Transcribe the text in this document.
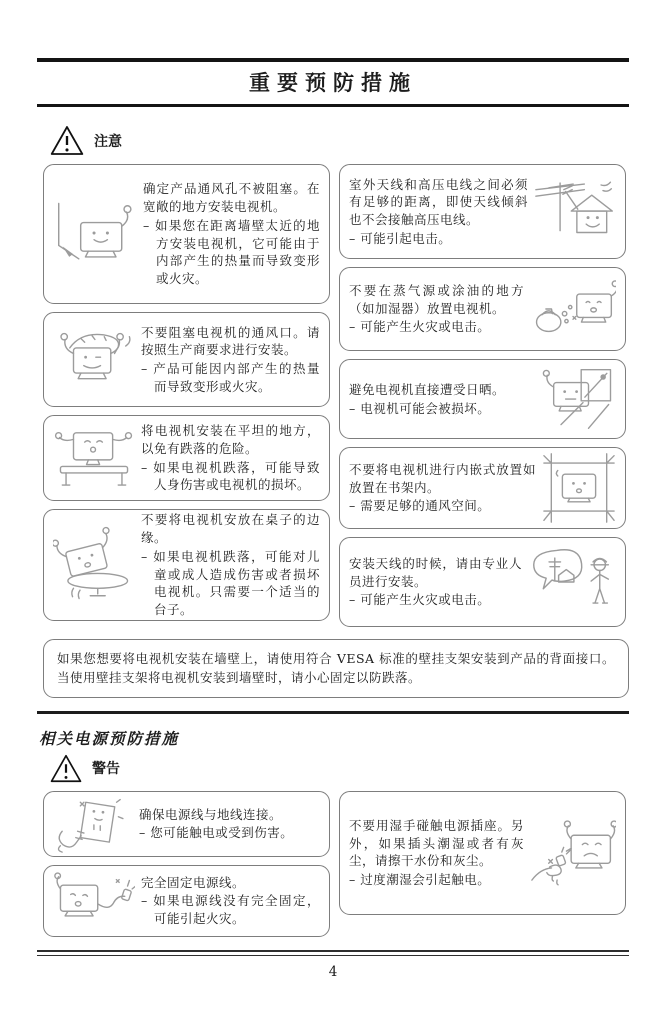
重要预防措施
注意
确定产品通风孔不被阻塞。在宽敞的地方安装电视机。
– 如果您在距离墙壁太近的地方安装电视机，它可能由于内部产生的热量而导致变形或火灾。
不要阻塞电视机的通风口。请按照生产商要求进行安装。
– 产品可能因内部产生的热量而导致变形或火灾。
将电视机安装在平坦的地方，以免有跌落的危险。
– 如果电视机跌落，可能导致人身伤害或电视机的损坏。
不要将电视机安放在桌子的边缘。
– 如果电视机跌落，可能对儿童或成人造成伤害或者损坏电视机。只需要一个适当的台子。
室外天线和高压电线之间必须有足够的距离，即使天线倾斜也不会接触高压电线。
– 可能引起电击。
不要在蒸气源或涂油的地方（如加湿器）放置电视机。
– 可能产生火灾或电击。
避免电视机直接遭受日晒。
– 电视机可能会被损坏。
不要将电视机进行内嵌式放置如放置在书架内。
– 需要足够的通风空间。
安装天线的时候，请由专业人员进行安装。
– 可能产生火灾或电击。
如果您想要将电视机安装在墙壁上，请使用符合 VESA 标准的壁挂支架安装到产品的背面接口。当使用壁挂支架将电视机安装到墙壁时，请小心固定以防跌落。
相关电源预防措施
警告
确保电源线与地线连接。
– 您可能触电或受到伤害。
完全固定电源线。
– 如果电源线没有完全固定，可能引起火灾。
不要用湿手碰触电源插座。另外，如果插头潮湿或者有灰尘，请擦干水份和灰尘。
– 过度潮湿会引起触电。
4
